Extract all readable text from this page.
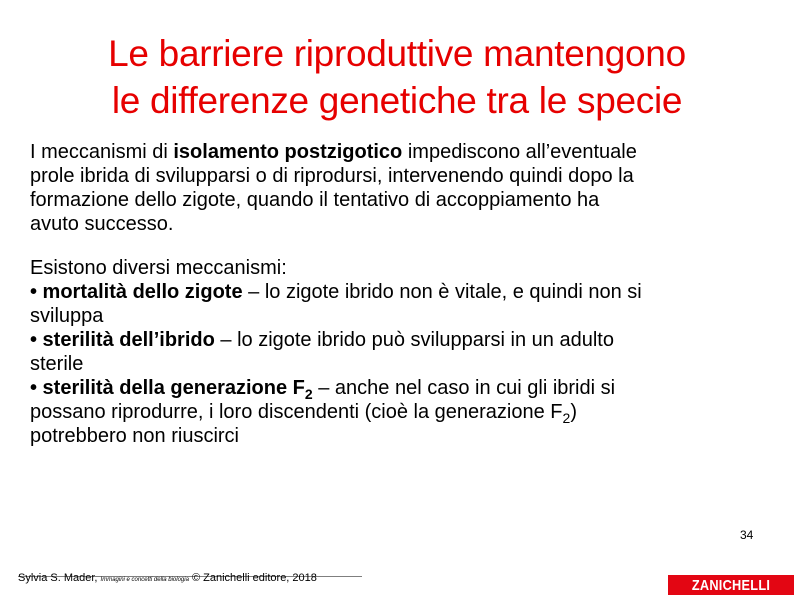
Le barriere riproduttive mantengono
le differenze genetiche tra le specie
I meccanismi di isolamento postzigotico impediscono all’eventuale
prole ibrida di svilupparsi o di riprodursi, intervenendo quindi dopo la
formazione dello zigote, quando il tentativo di accoppiamento ha
avuto successo.
Esistono diversi meccanismi:
• mortalità dello zigote – lo zigote ibrido non è vitale, e quindi non si
sviluppa
• sterilità dell’ibrido – lo zigote ibrido può svilupparsi in un adulto
sterile
• sterilità della generazione $F_2$ – anche nel caso in cui gli ibridi si
possano riprodurre, i loro discendenti (cioè la generazione $F_2$)
potrebbero non riuscirci
34
Sylvia S. Mader, Immagini e concetti della biologia © Zanichelli editore, 2018	ZANICHELLI
